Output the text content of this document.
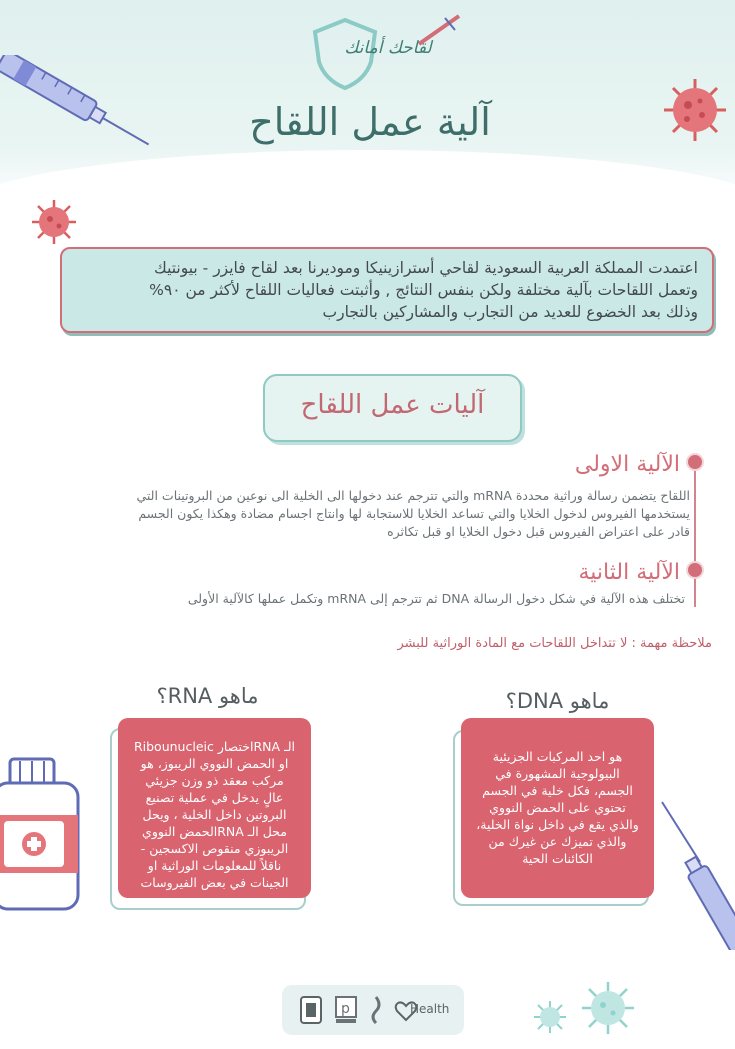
لقاحك أمانك
آلية عمل اللقاح
اعتمدت المملكة العربية السعودية لقاحي أسترازينيكا وموديرنا بعد لقاح فايزر - بيونتيك
وتعمل اللقاحات بآلية مختلفة ولكن بنفس النتائج , وأثبتت فعاليات اللقاح لأكثر من ٩٠%
وذلك بعد الخضوع للعديد من التجارب والمشاركين بالتجارب
آليات عمل اللقاح
الآلية الاولى
اللقاح يتضمن رسالة وراثية محددة mRNA والتي تترجم عند دخولها الى الخلية الى نوعين من البروتينات التي
يستخدمها الفيروس لدخول الخلايا والتي تساعد الخلايا للاستجابة لها وانتاج اجسام مضادة وهكذا يكون الجسم
قادر على اعتراض الفيروس قبل دخول الخلايا او قبل تكاثره
الآلية الثانية
تختلف هذه الآلية في شكل دخول الرسالة DNA ثم تترجم إلى mRNA وتكمل عملها كالآلية الأولى
ملاحظة مهمة : لا تتداخل اللقاحات مع المادة الوراثية للبشر
ماهو RNA؟
الـ RNAاختصار Ribounucleic
او الحمض النووي الريبوز، هو
مركب معقد ذو وزن جزيئي
عالٍ يدخل في عملية تصنيع
البروتين داخل الخلية ، ويحل
محل الـ RNAالحمض النووي
الريبوزي منقوص الاكسجين -
ناقلاً للمعلومات الوراثية او
الجينات في بعض الفيروسات
ماهو DNA؟
هو احد المركبات الجزيئية
البيولوجية المشهورة في
الجسم، فكل خلية في الجسم
تحتوي على الحمض النووي
والذي يقع في داخل نواة الخلية،
والذي تميزك عن غيرك من
الكائنات الحية
p	Health
